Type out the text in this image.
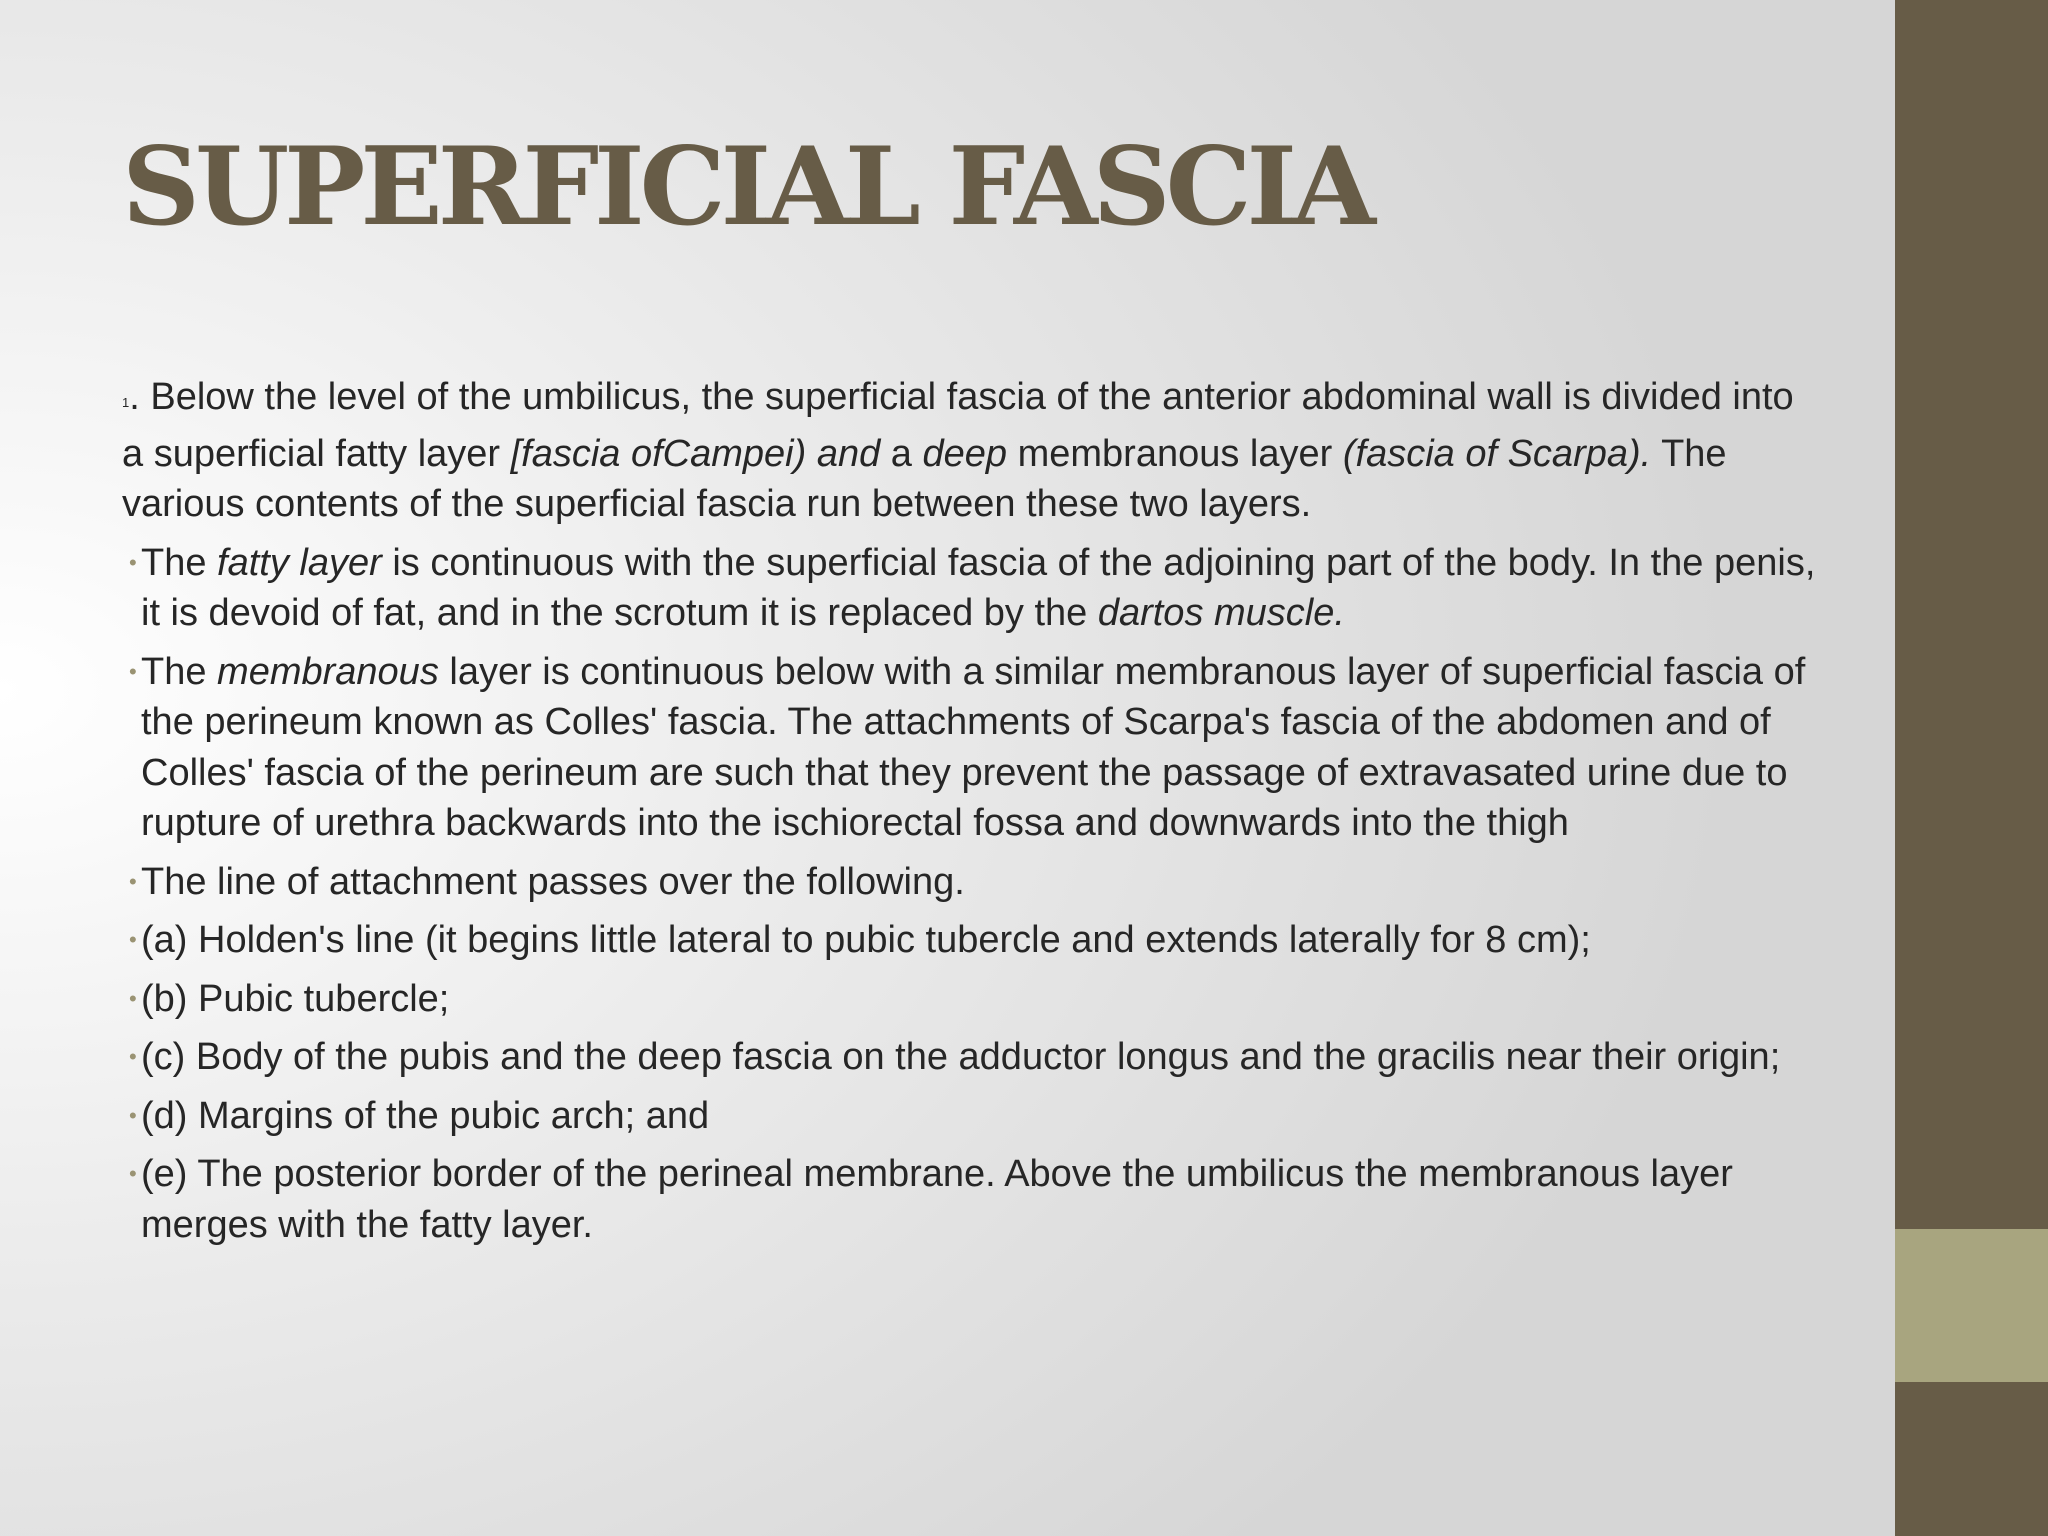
SUPERFICIAL FASCIA

1. Below the level of the umbilicus, the superficial fascia of the anterior abdominal wall is divided into a superficial fatty layer [fascia ofCampei) and a deep membranous layer (fascia of Scarpa). The various contents of the superficial fascia run between these two layers.

• The fatty layer is continuous with the superficial fascia of the adjoining part of the body. In the penis, it is devoid of fat, and in the scrotum it is replaced by the dartos muscle.
• The membranous layer is continuous below with a similar membranous layer of superficial fascia of the perineum known as Colles' fascia. The attachments of Scarpa's fascia of the abdomen and of Colles' fascia of the perineum are such that they prevent the passage of extravasated urine due to rupture of urethra backwards into the ischiorectal fossa and downwards into the thigh
• The line of attachment passes over the following.
• (a) Holden's line (it begins little lateral to pubic tubercle and extends laterally for 8 cm);
• (b) Pubic tubercle;
• (c) Body of the pubis and the deep fascia on the adductor longus and the gracilis near their origin;
• (d) Margins of the pubic arch; and
• (e) The posterior border of the perineal membrane. Above the umbilicus the membranous layer merges with the fatty layer.
